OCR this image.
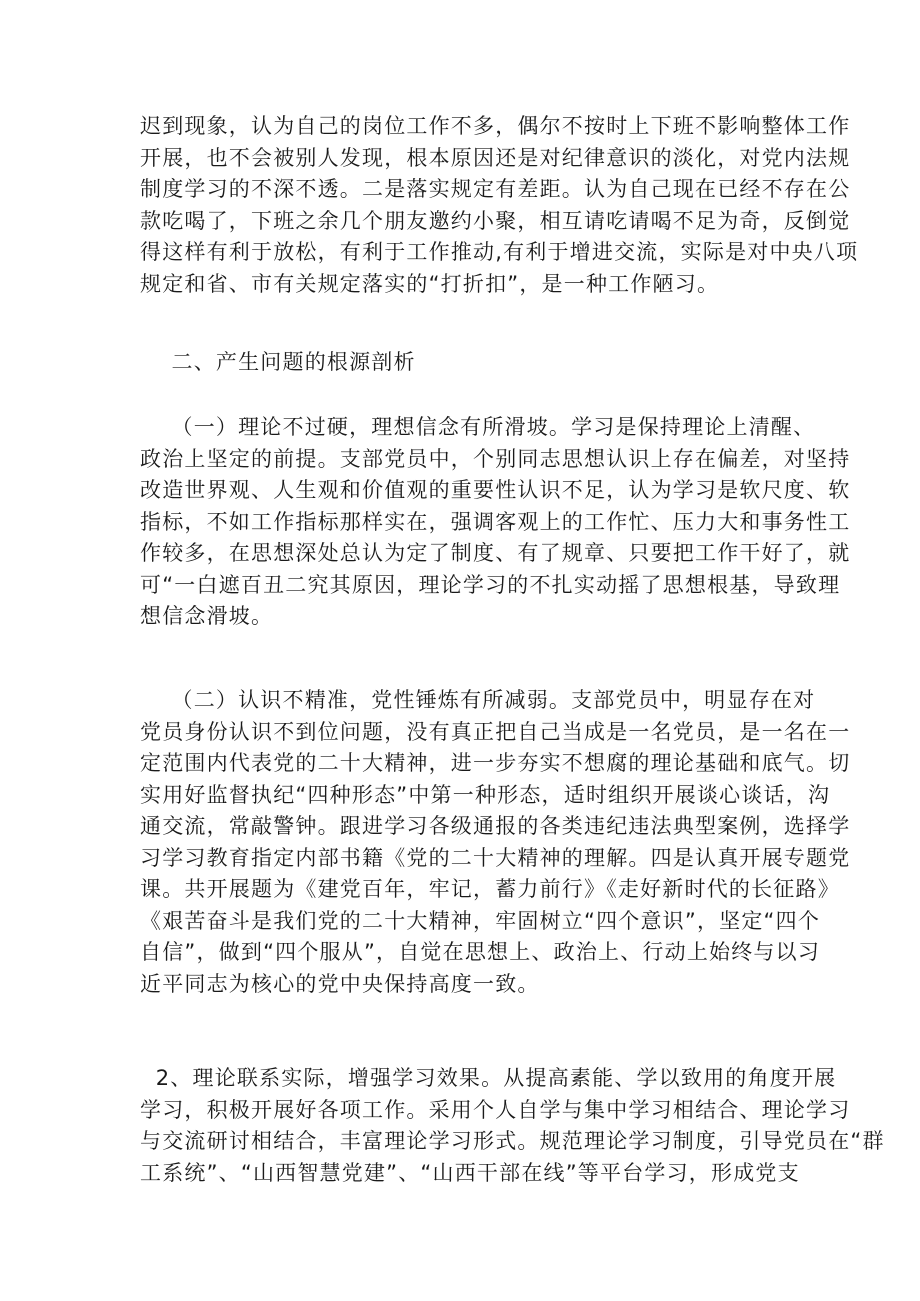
迟到现象，认为自己的岗位工作不多，偶尔不按时上下班不影响整体工作
开展，也不会被别人发现，根本原因还是对纪律意识的淡化，对党内法规
制度学习的不深不透。二是落实规定有差距。认为自己现在已经不存在公
款吃喝了，下班之余几个朋友邀约小聚，相互请吃请喝不足为奇，反倒觉
得这样有利于放松，有利于工作推动,有利于增进交流，实际是对中央八项
规定和省、市有关规定落实的“打折扣”，是一种工作陋习。

二、产生问题的根源剖析

（一）理论不过硬，理想信念有所滑坡。学习是保持理论上清醒、
政治上坚定的前提。支部党员中，个别同志思想认识上存在偏差，对坚持
改造世界观、人生观和价值观的重要性认识不足，认为学习是软尺度、软
指标，不如工作指标那样实在，强调客观上的工作忙、压力大和事务性工
作较多，在思想深处总认为定了制度、有了规章、只要把工作干好了，就
可“一白遮百丑二究其原因，理论学习的不扎实动摇了思想根基，导致理
想信念滑坡。

（二）认识不精准，党性锤炼有所减弱。支部党员中，明显存在对
党员身份认识不到位问题，没有真正把自己当成是一名党员，是一名在一
定范围内代表党的二十大精神，进一步夯实不想腐的理论基础和底气。切
实用好监督执纪“四种形态”中第一种形态，适时组织开展谈心谈话，沟
通交流，常敲警钟。跟进学习各级通报的各类违纪违法典型案例，选择学
习学习教育指定内部书籍《党的二十大精神的理解。四是认真开展专题党
课。共开展题为《建党百年，牢记，蓄力前行》《走好新时代的长征路》
《艰苦奋斗是我们党的二十大精神，牢固树立“四个意识”，坚定“四个
自信”，做到“四个服从”，自觉在思想上、政治上、行动上始终与以习
近平同志为核心的党中央保持高度一致。

2、理论联系实际，增强学习效果。从提高素能、学以致用的角度开展
学习，积极开展好各项工作。采用个人自学与集中学习相结合、理论学习
与交流研讨相结合，丰富理论学习形式。规范理论学习制度，引导党员在“群
工系统”、“山西智慧党建”、“山西干部在线”等平台学习，形成党支
